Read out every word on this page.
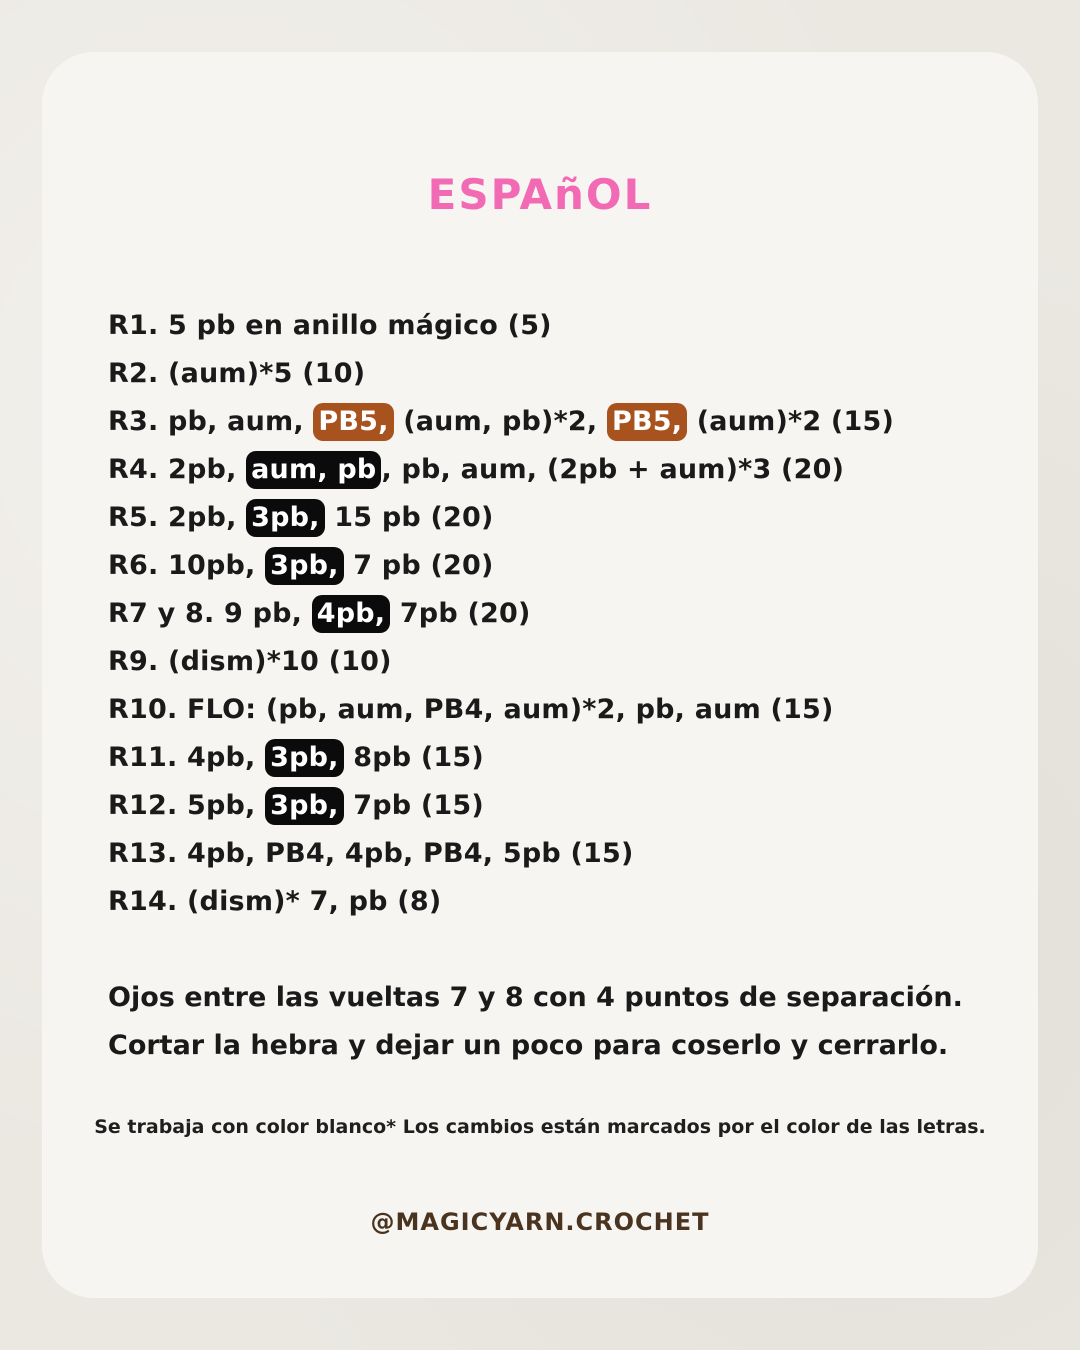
ESPAñOL
R1. 5 pb en anillo mágico (5)
R2. (aum)*5 (10)
R3. pb, aum, PB5, (aum, pb)*2, PB5, (aum)*2 (15)
R4. 2pb, aum, pb , pb, aum, (2pb + aum)*3 (20)
R5. 2pb, 3pb, 15 pb (20)
R6. 10pb, 3pb, 7 pb (20)
R7 y 8. 9 pb, 4pb, 7pb (20)
R9. (dism)*10 (10)
R10. FLO: (pb, aum, PB4, aum)*2, pb, aum (15)
R11. 4pb, 3pb, 8pb (15)
R12. 5pb, 3pb, 7pb (15)
R13. 4pb, PB4, 4pb, PB4, 5pb (15)
R14. (dism)* 7, pb (8)
Ojos entre las vueltas 7 y 8 con 4 puntos de separación.
Cortar la hebra y dejar un poco para coserlo y cerrarlo.
Se trabaja con color blanco* Los cambios están marcados por el color de las letras.
@MAGICYARN.CROCHET
